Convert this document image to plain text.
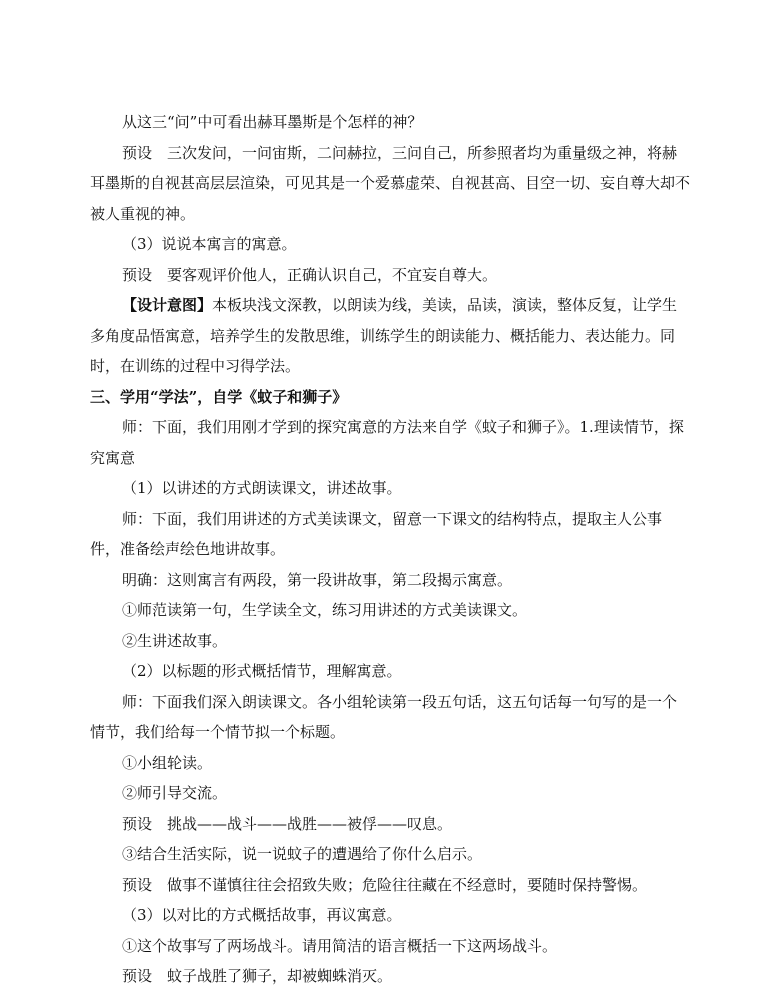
从这三“问”中可看出赫耳墨斯是个怎样的神？

预设　三次发问，一问宙斯，二问赫拉，三问自己，所参照者均为重量级之神，将赫耳墨斯的自视甚高层层渲染，可见其是一个爱慕虚荣、自视甚高、目空一切、妄自尊大却不被人重视的神。

（3）说说本寓言的寓意。

预设　要客观评价他人，正确认识自己，不宜妄自尊大。

【设计意图】本板块浅文深教，以朗读为线，美读，品读，演读，整体反复，让学生多角度品悟寓意，培养学生的发散思维，训练学生的朗读能力、概括能力、表达能力。同时，在训练的过程中习得学法。

三、学用“学法”，自学《蚊子和狮子》

师：下面，我们用刚才学到的探究寓意的方法来自学《蚊子和狮子》。1.理读情节，探究寓意

（1）以讲述的方式朗读课文，讲述故事。

师：下面，我们用讲述的方式美读课文，留意一下课文的结构特点，提取主人公事件，准备绘声绘色地讲故事。

明确：这则寓言有两段，第一段讲故事，第二段揭示寓意。

①师范读第一句，生学读全文，练习用讲述的方式美读课文。

②生讲述故事。

（2）以标题的形式概括情节，理解寓意。

师：下面我们深入朗读课文。各小组轮读第一段五句话，这五句话每一句写的是一个情节，我们给每一个情节拟一个标题。

①小组轮读。

②师引导交流。

预设　挑战——战斗——战胜——被俘——叹息。

③结合生活实际，说一说蚊子的遭遇给了你什么启示。

预设　做事不谨慎往往会招致失败；危险往往藏在不经意时，要随时保持警惕。

（3）以对比的方式概括故事，再议寓意。

①这个故事写了两场战斗。请用简洁的语言概括一下这两场战斗。

预设　蚊子战胜了狮子，却被蜘蛛消灭。
